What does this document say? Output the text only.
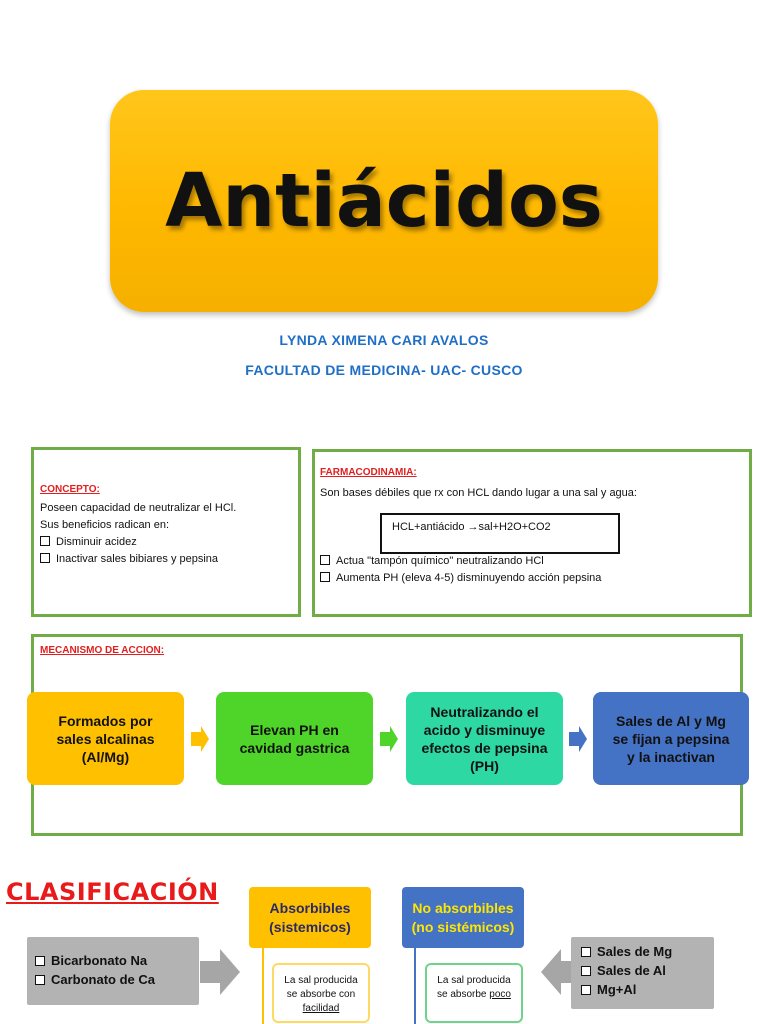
Antiácidos
LYNDA XIMENA CARI AVALOS
FACULTAD DE MEDICINA- UAC- CUSCO
CONCEPTO:
Poseen capacidad de neutralizar el HCl.
Sus beneficios radican en:
Disminuir acidez
Inactivar sales bibiares y pepsina
FARMACODINAMIA:
Son bases débiles que rx con HCL dando lugar a una sal y agua:
HCL+antiácido →sal+H2O+CO2
Actua "tampón químico" neutralizando HCl
Aumenta PH (eleva 4-5) disminuyendo acción pepsina
MECANISMO DE ACCION:
Formados por
sales alcalinas
(Al/Mg)
Elevan PH en
cavidad gastrica
Neutralizando el
acido y disminuye
efectos de pepsina
(PH)
Sales de Al y Mg
se fijan a pepsina
y la inactivan
CLASIFICACIÓN
Absorbibles
(sistemicos)
No absorbibles
(no sistémicos)
Bicarbonato Na
Carbonato de Ca
Sales de Mg
Sales de Al
Mg+Al
La sal producida
se absorbe con
facilidad
La sal producida
se absorbe poco
